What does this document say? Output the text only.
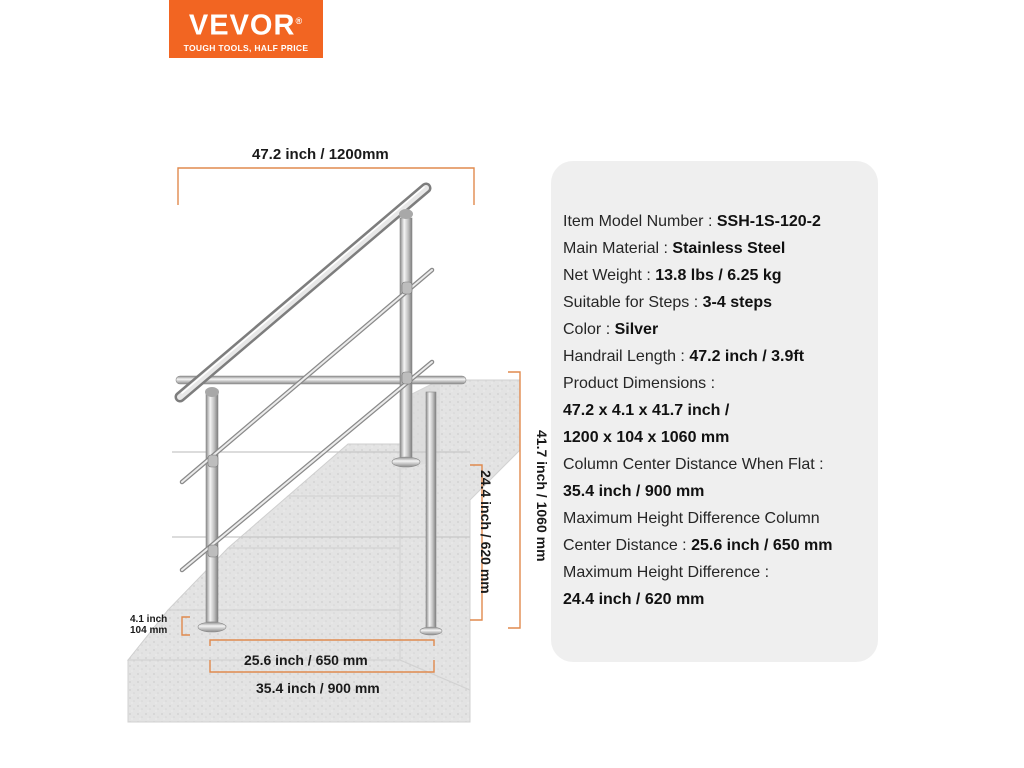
VEVOR®
TOUGH TOOLS, HALF PRICE
47.2 inch / 1200mm
24.4 inch / 620 mm	41.7 inch / 1060 mm
4.1 inch
104 mm
25.6 inch / 650 mm
35.4 inch / 900 mm
Item Model Number : SSH-1S-120-2
Main Material : Stainless Steel
Net Weight : 13.8 lbs / 6.25 kg
Suitable for Steps : 3-4 steps
Color : Silver
Handrail Length : 47.2 inch / 3.9ft
Product Dimensions :
47.2 x 4.1 x 41.7 inch /
1200 x 104 x 1060 mm
Column Center Distance When Flat :
35.4 inch / 900 mm
Maximum Height Difference Column
Center Distance : 25.6 inch / 650 mm
Maximum Height Difference :
24.4 inch / 620 mm
